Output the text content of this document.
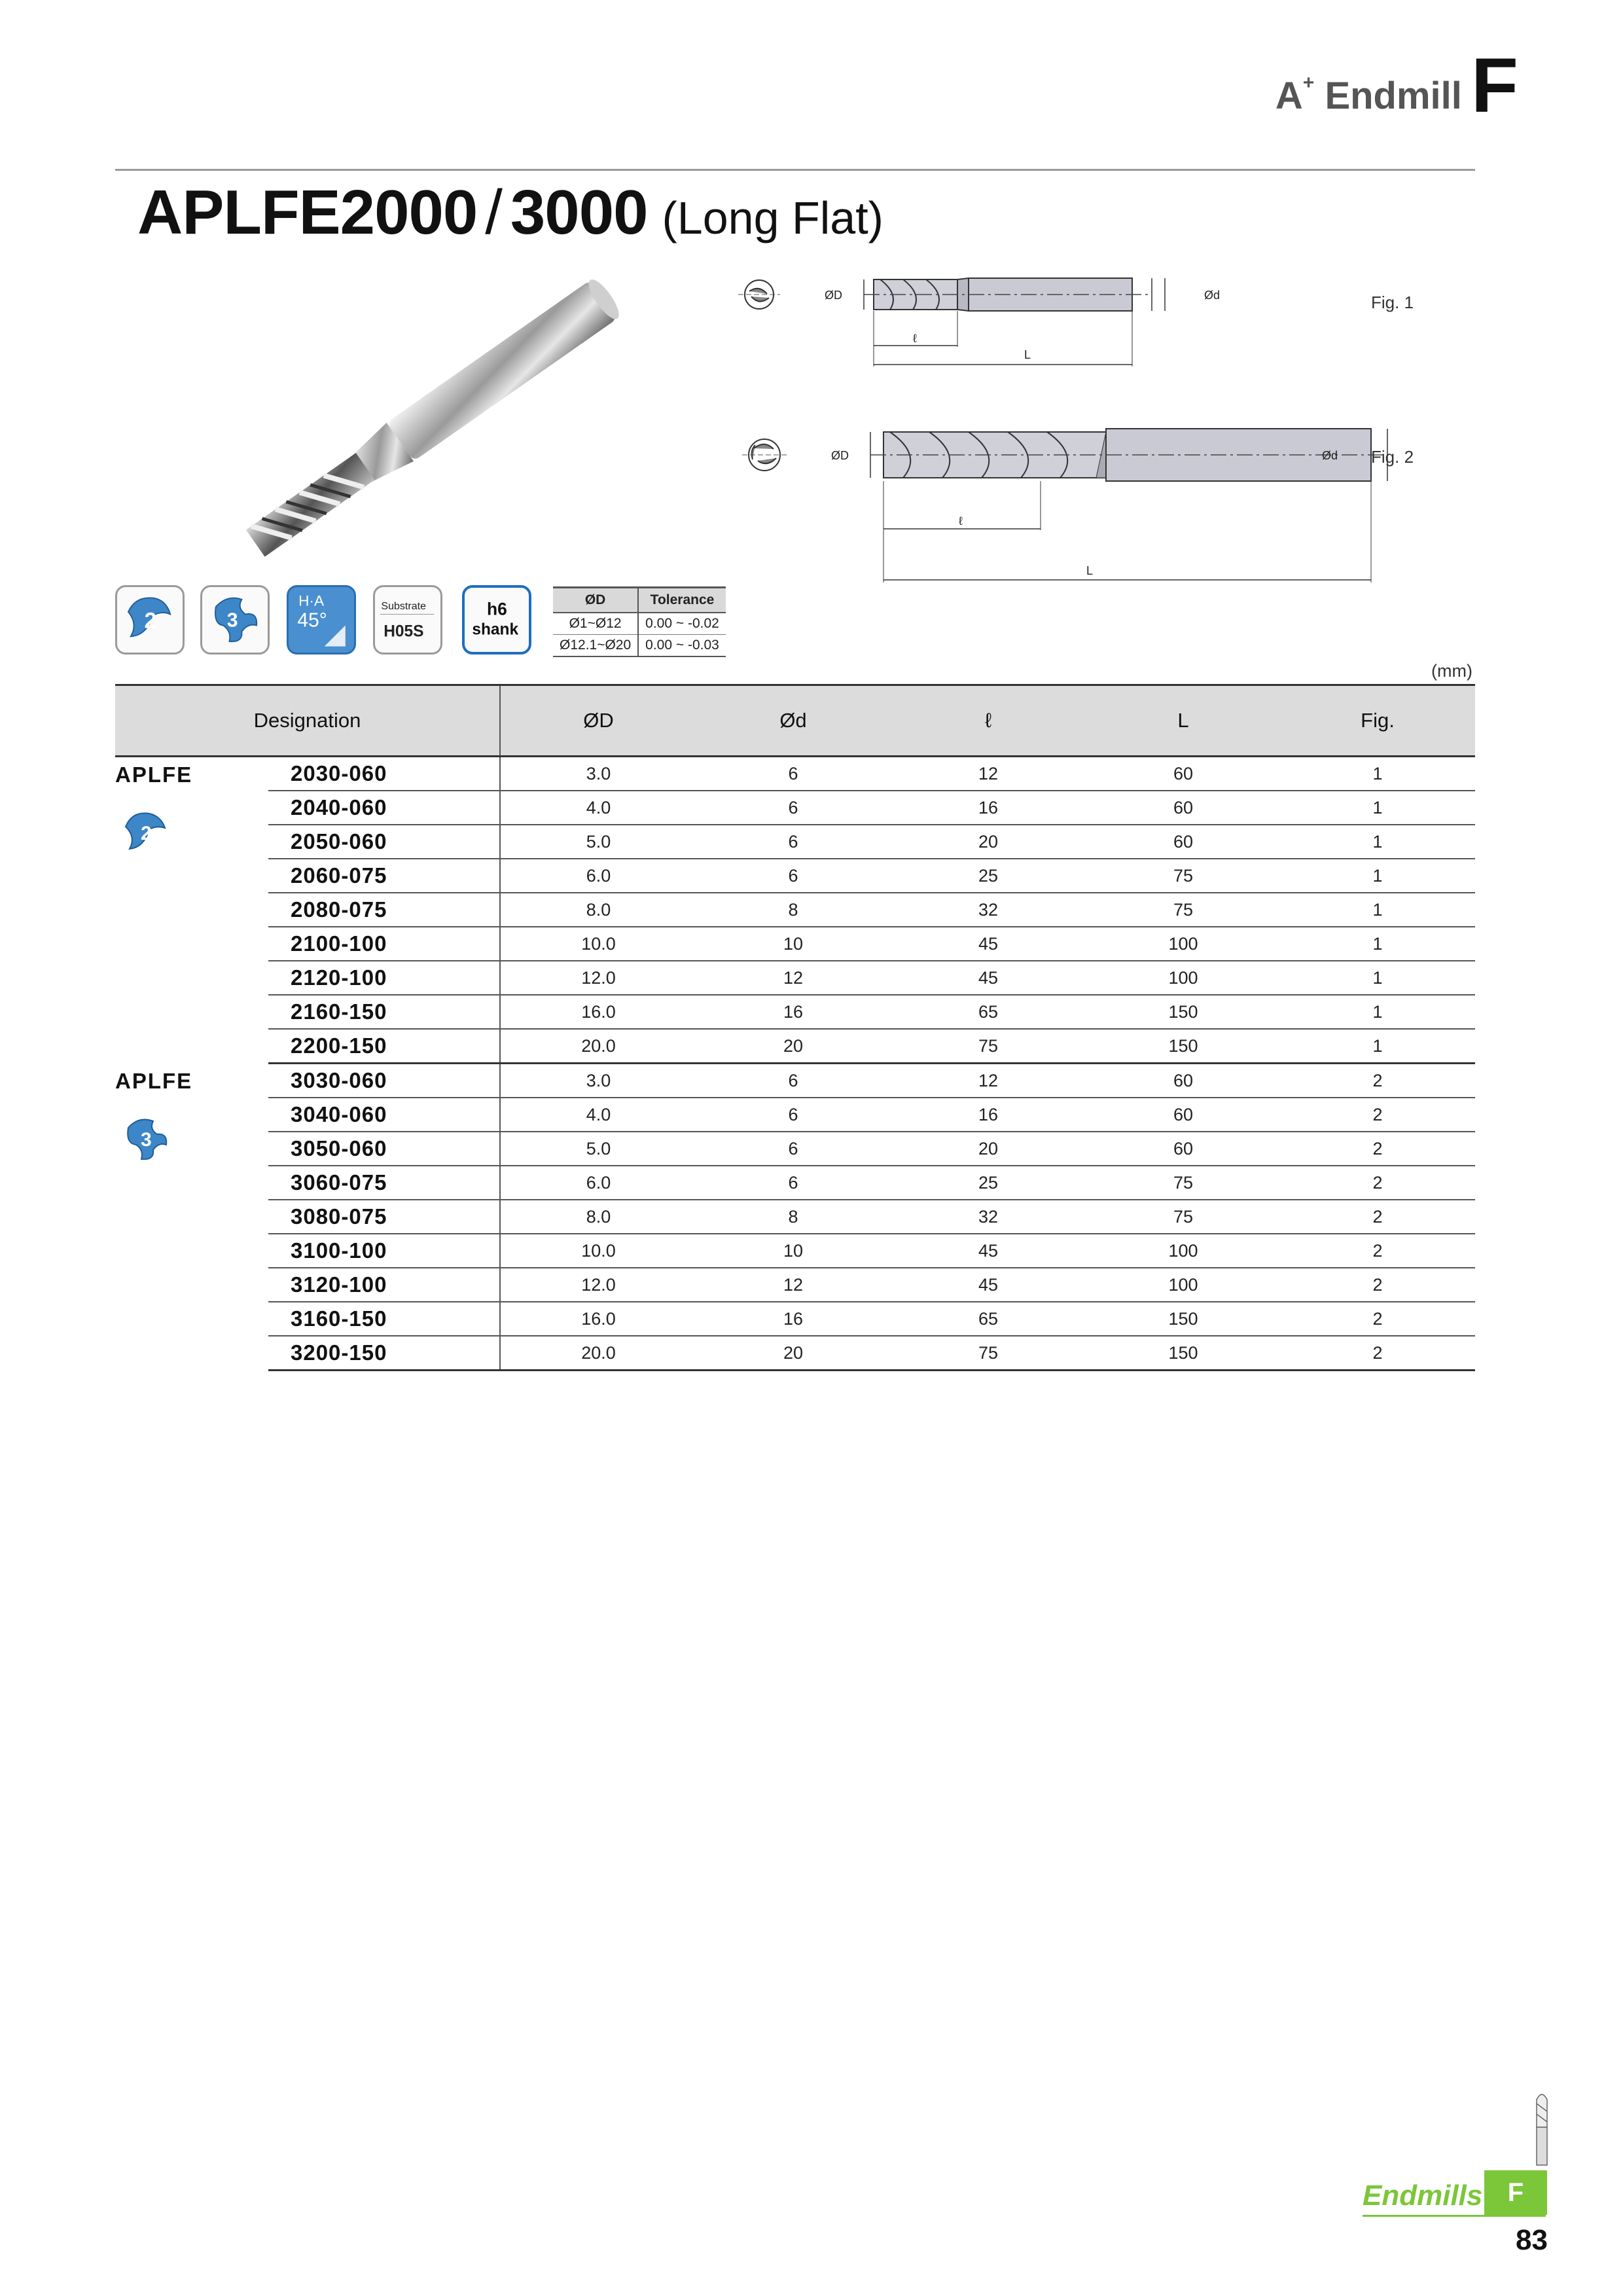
A+ Endmill F
APLFE2000 / 3000 (Long Flat)
ØD	Ød
ℓ
L
Fig. 1
ØD	Ød
ℓ
L
Fig. 2
2	3
H·A
45°
Substrate
H05S
h6
shank
ØD	Tolerance
Ø1~Ø12	0.00 ~ -0.02
Ø12.1~Ø20	0.00 ~ -0.03
(mm)
Designation		ØD	Ød	ℓ	L	Fig.

APLFE
2	2030-060	3.0	6	12	60	1
	2040-060	4.0	6	16	60	1
	2050-060	5.0	6	20	60	1
	2060-075	6.0	6	25	75	1
	2080-075	8.0	8	32	75	1
	2100-100	10.0	10	45	100	1
	2120-100	12.0	12	45	100	1
	2160-150	16.0	16	65	150	1
	2200-150	20.0	20	75	150	1

APLFE
3	3030-060	3.0	6	12	60	2
	3040-060	4.0	6	16	60	2
	3050-060	5.0	6	20	60	2
	3060-075	6.0	6	25	75	2
	3080-075	8.0	8	32	75	2
	3100-100	10.0	10	45	100	2
	3120-100	12.0	12	45	100	2
	3160-150	16.0	16	65	150	2
	3200-150	20.0	20	75	150	2
Endmills F
83
